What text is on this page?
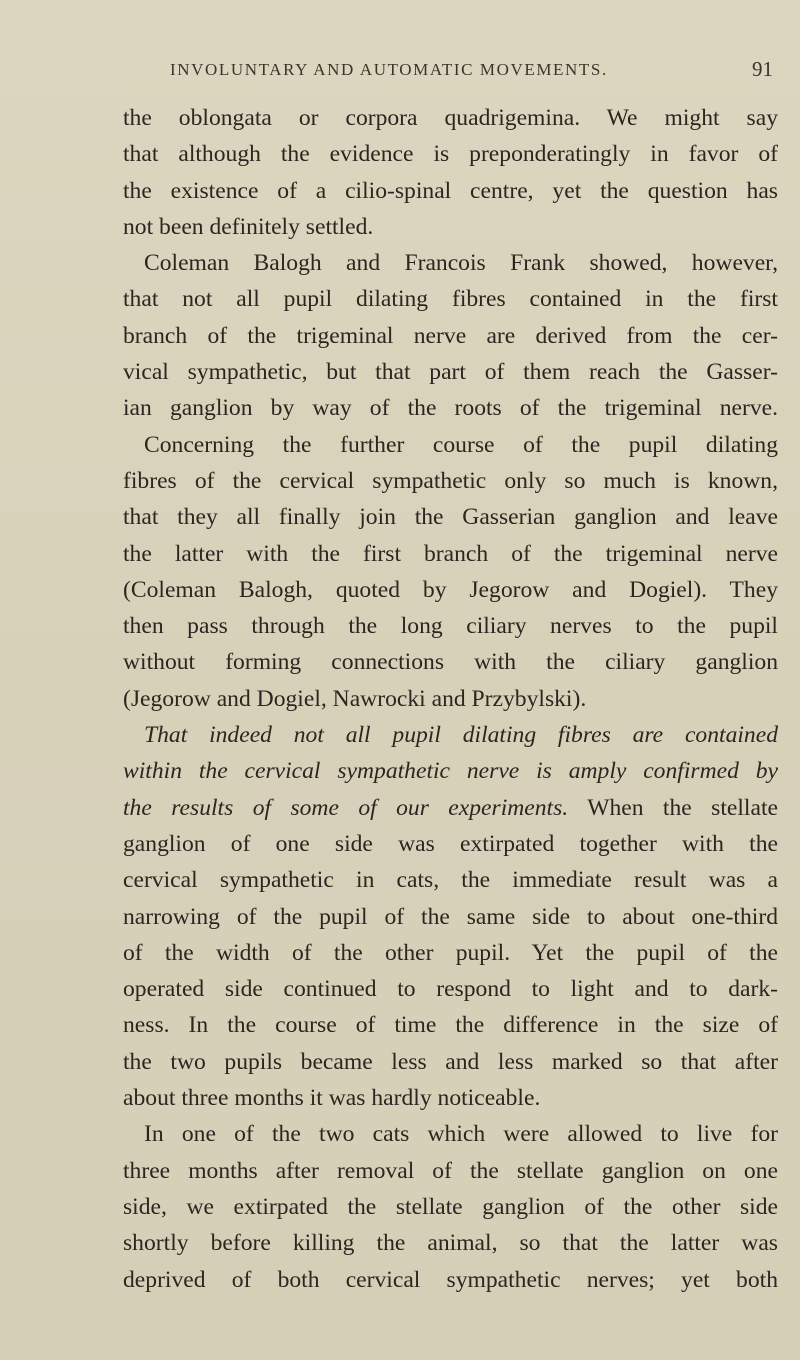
INVOLUNTARY AND AUTOMATIC MOVEMENTS.	91
the oblongata or corpora quadrigemina. We might say
that although the evidence is preponderatingly in favor of
the existence of a cilio-spinal centre, yet the question has
not been definitely settled.
Coleman Balogh and Francois Frank showed, however,
that not all pupil dilating fibres contained in the first
branch of the trigeminal nerve are derived from the cer-
vical sympathetic, but that part of them reach the Gasser-
ian ganglion by way of the roots of the trigeminal nerve.
Concerning the further course of the pupil dilating
fibres of the cervical sympathetic only so much is known,
that they all finally join the Gasserian ganglion and leave
the latter with the first branch of the trigeminal nerve
(Coleman Balogh, quoted by Jegorow and Dogiel). They
then pass through the long ciliary nerves to the pupil
without forming connections with the ciliary ganglion
(Jegorow and Dogiel, Nawrocki and Przybylski).
That indeed not all pupil dilating fibres are contained
within the cervical sympathetic nerve is amply confirmed by
the results of some of our experiments. When the stellate
ganglion of one side was extirpated together with the
cervical sympathetic in cats, the immediate result was a
narrowing of the pupil of the same side to about one-third
of the width of the other pupil. Yet the pupil of the
operated side continued to respond to light and to dark-
ness. In the course of time the difference in the size of
the two pupils became less and less marked so that after
about three months it was hardly noticeable.
In one of the two cats which were allowed to live for
three months after removal of the stellate ganglion on one
side, we extirpated the stellate ganglion of the other side
shortly before killing the animal, so that the latter was
deprived of both cervical sympathetic nerves; yet both
